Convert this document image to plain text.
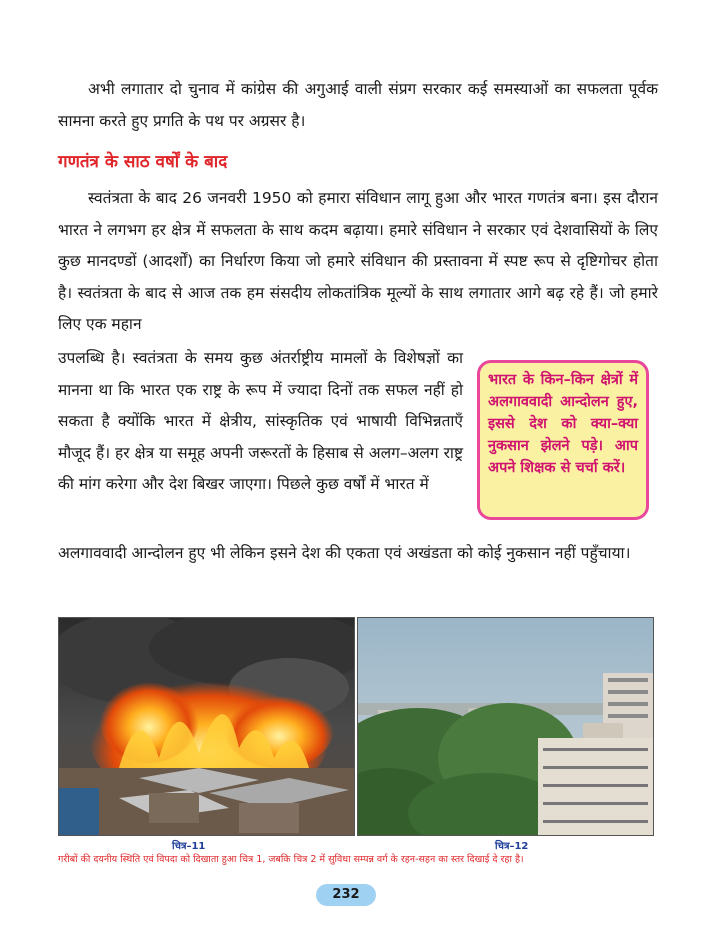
अभी लगातार दो चुनाव में कांग्रेस की अगुआई वाली संप्रग सरकार कई समस्याओं का सफलता पूर्वक सामना करते हुए प्रगति के पथ पर अग्रसर है।

गणतंत्र के साठ वर्षों के बाद

स्वतंत्रता के बाद 26 जनवरी 1950 को हमारा संविधान लागू हुआ और भारत गणतंत्र बना। इस दौरान भारत ने लगभग हर क्षेत्र में सफलता के साथ कदम बढ़ाया। हमारे संविधान ने सरकार एवं देशवासियों के लिए कुछ मानदण्डों (आदर्शों) का निर्धारण किया जो हमारे संविधान की प्रस्तावना में स्पष्ट रूप से दृष्टिगोचर होता है। स्वतंत्रता के बाद से आज तक हम संसदीय लोकतांत्रिक मूल्यों के साथ लगातार आगे बढ़ रहे हैं। जो हमारे लिए एक महान

उपलब्धि है। स्वतंत्रता के समय कुछ अंतर्राष्ट्रीय मामलों के विशेषज्ञों का मानना था कि भारत एक राष्ट्र के रूप में ज्यादा दिनों तक सफल नहीं हो सकता है क्योंकि भारत में क्षेत्रीय, सांस्कृतिक एवं भाषायी विभिन्नताएँ मौजूद हैं। हर क्षेत्र या समूह अपनी जरूरतों के हिसाब से अलग–अलग राष्ट्र की मांग करेगा और देश बिखर जाएगा। पिछले कुछ वर्षों में भारत में

भारत के किन–किन क्षेत्रों में अलगाववादी आन्दोलन हुए, इससे देश को क्या–क्या नुकसान झेलने पड़े। आप अपने शिक्षक से चर्चा करें।

अलगाववादी आन्दोलन हुए भी लेकिन इसने देश की एकता एवं अखंडता को कोई नुकसान नहीं पहुँचाया।

चित्र–11	चित्र–12
गरीबों की दयनीय स्थिति एवं विपदा को दिखाता हुआ चित्र 1, जबकि चित्र 2 में सुविधा सम्पन्न वर्ग के रहन-सहन का स्तर दिखाई दे रहा है।
232
